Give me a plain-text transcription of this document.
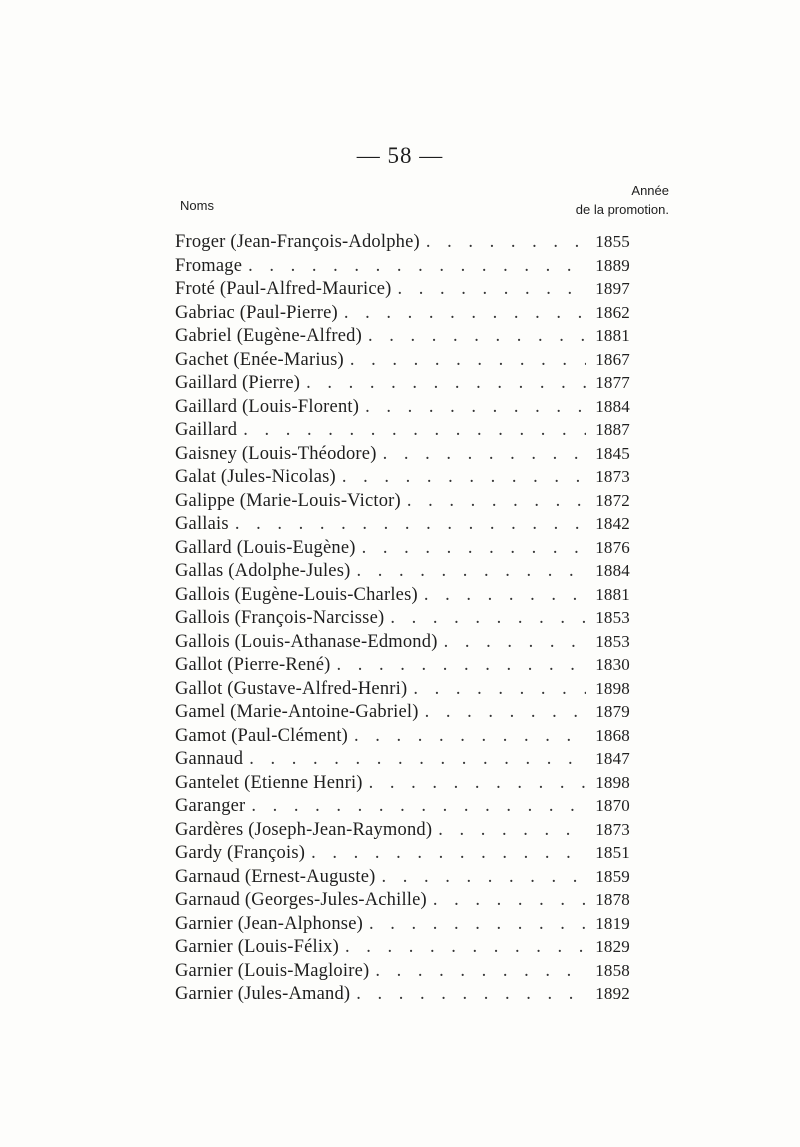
— 58 —
Noms
Année
de la promotion.
Froger (Jean-François-Adolphe) . . .	1855
Fromage . . .	1889
Froté (Paul-Alfred-Maurice) . . .	1897
Gabriac (Paul-Pierre) . . .	1862
Gabriel (Eugène-Alfred) . . .	1881
Gachet (Enée-Marius) . . .	1867
Gaillard (Pierre) . . .	1877
Gaillard (Louis-Florent) . . .	1884
Gaillard . . .	1887
Gaisney (Louis-Théodore) . . .	1845
Galat (Jules-Nicolas) . . .	1873
Galippe (Marie-Louis-Victor) . . .	1872
Gallais . . .	1842
Gallard (Louis-Eugène) . . .	1876
Gallas (Adolphe-Jules) . . .	1884
Gallois (Eugène-Louis-Charles) . . .	1881
Gallois (François-Narcisse) . . .	1853
Gallois (Louis-Athanase-Edmond) . . .	1853
Gallot (Pierre-René) . . .	1830
Gallot (Gustave-Alfred-Henri) . . .	1898
Gamel (Marie-Antoine-Gabriel) . . .	1879
Gamot (Paul-Clément) . . .	1868
Gannaud . . .	1847
Gantelet (Etienne Henri) . . .	1898
Garanger . . .	1870
Gardères (Joseph-Jean-Raymond) . . .	1873
Gardy (François) . . .	1851
Garnaud (Ernest-Auguste) . . .	1859
Garnaud (Georges-Jules-Achille) . . .	1878
Garnier (Jean-Alphonse) . . .	1819
Garnier (Louis-Félix) . . .	1829
Garnier (Louis-Magloire) . . .	1858
Garnier (Jules-Amand) . . .	1892
